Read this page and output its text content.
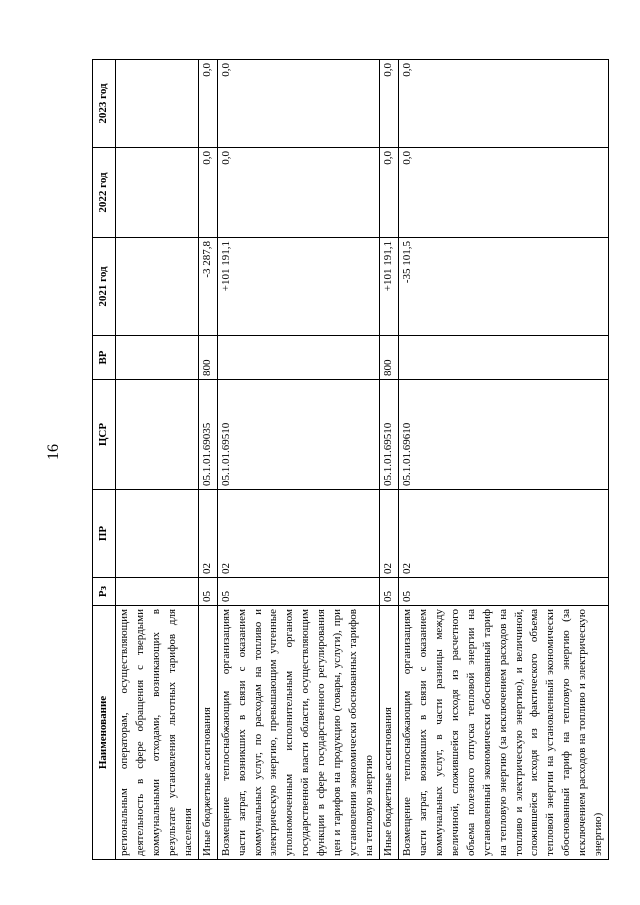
16
Наименование	Рз	ПР	ЦСР	ВР	2021 год	2022 год	2023 год
региональным операторам, осуществляющим деятельность в сфере обращения с твердыми коммунальными отходами, возникающих в результате установления льготных тарифов для населения							
Иные бюджетные ассигнования	05	02	05.1.01.69035	800	-3 287,8	0,0	0,0
Возмещение теплоснабжающим организациям части затрат, возникших в связи с оказанием коммунальных услуг, по расходам на топливо и электрическую энергию, превышающим учтенные уполномоченным исполнительным органом государственной власти области, осуществляющим функции в сфере государственного регулирования цен и тарифов на продукцию (товары, услуги), при установлении экономически обоснованных тарифов на тепловую энергию	05	02	05.1.01.69510		+101 191,1	0,0	0,0
Иные бюджетные ассигнования	05	02	05.1.01.69510	800	+101 191,1	0,0	0,0
Возмещение теплоснабжающим организациям части затрат, возникших в связи с оказанием коммунальных услуг, в части разницы между величиной, сложившейся исходя из расчетного объема полезного отпуска тепловой энергии на установленный экономически обоснованный тариф на тепловую энергию (за исключением расходов на топливо и электрическую энергию), и величиной, сложившейся исходя из фактического объема тепловой энергии на установленный экономически обоснованный тариф на тепловую энергию (за исключением расходов на топливо и электрическую энергию)	05	02	05.1.01.69610		-35 101,5	0,0	0,0
